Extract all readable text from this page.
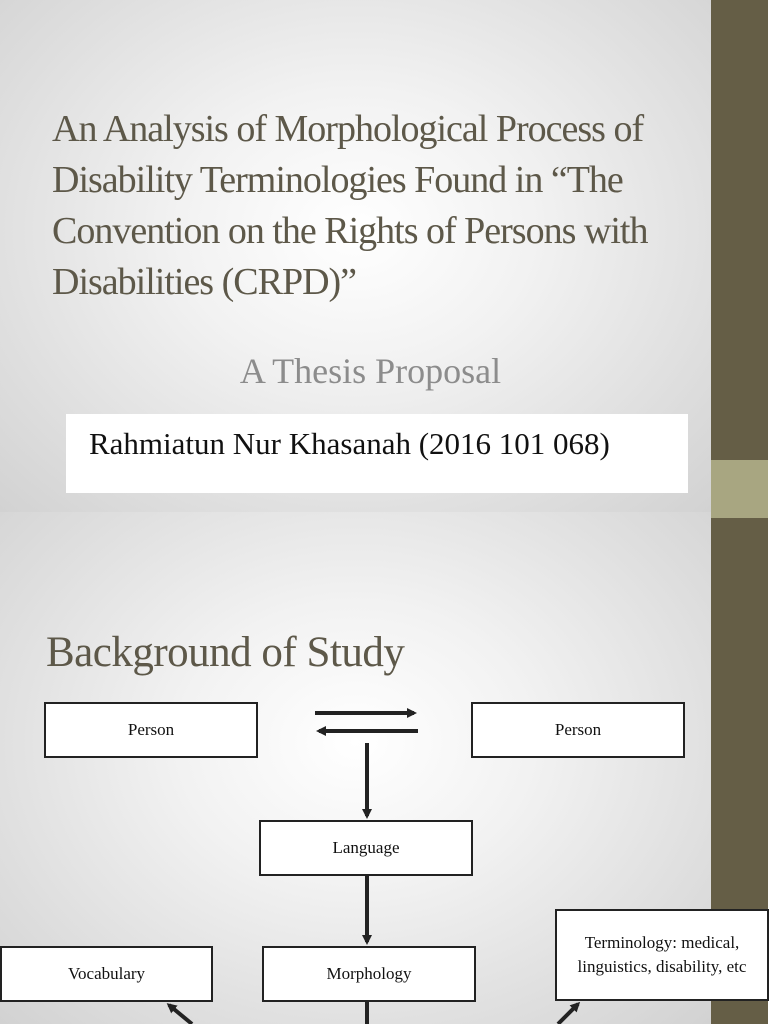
An Analysis of Morphological Process of Disability Terminologies Found in “The Convention on the Rights of Persons with Disabilities (CRPD)”
A Thesis Proposal
Rahmiatun Nur Khasanah (2016 101 068)
Background of Study
Person	Person
Language
Vocabulary	Morphology
Terminology: medical, linguistics, disability, etc
